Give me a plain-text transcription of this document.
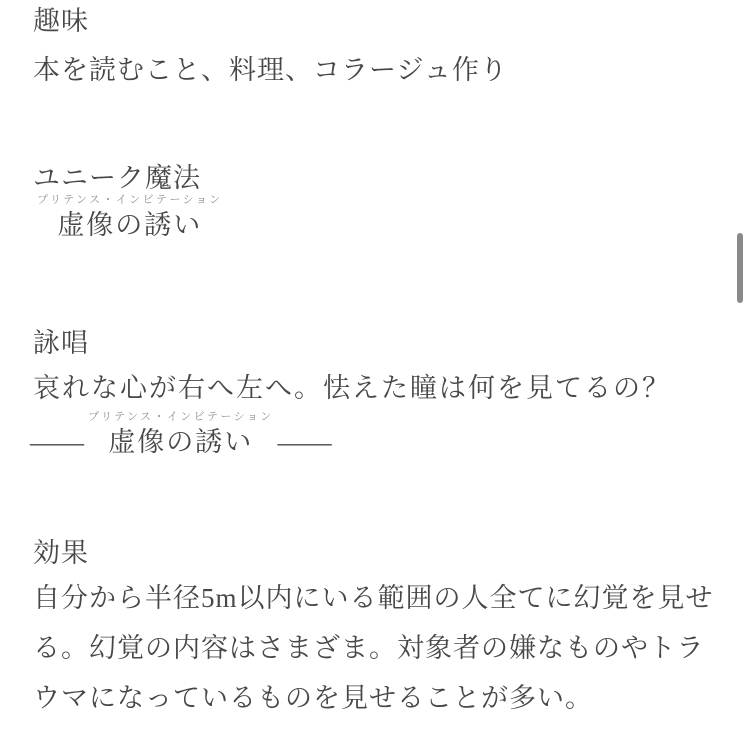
趣味
本を読むこと、料理、コラージュ作り
ユニーク魔法
プリテンス・インビテーション
虚像の誘い
詠唱
哀れな心が右へ左へ。怯えた瞳は何を見てるの？
——
プリテンス・インビテーション
虚像の誘い ——
効果
自分から半径5m以内にいる範囲の人全てに幻覚を見せ
る。幻覚の内容はさまざま。対象者の嫌なものやトラ
ウマになっているものを見せることが多い。
